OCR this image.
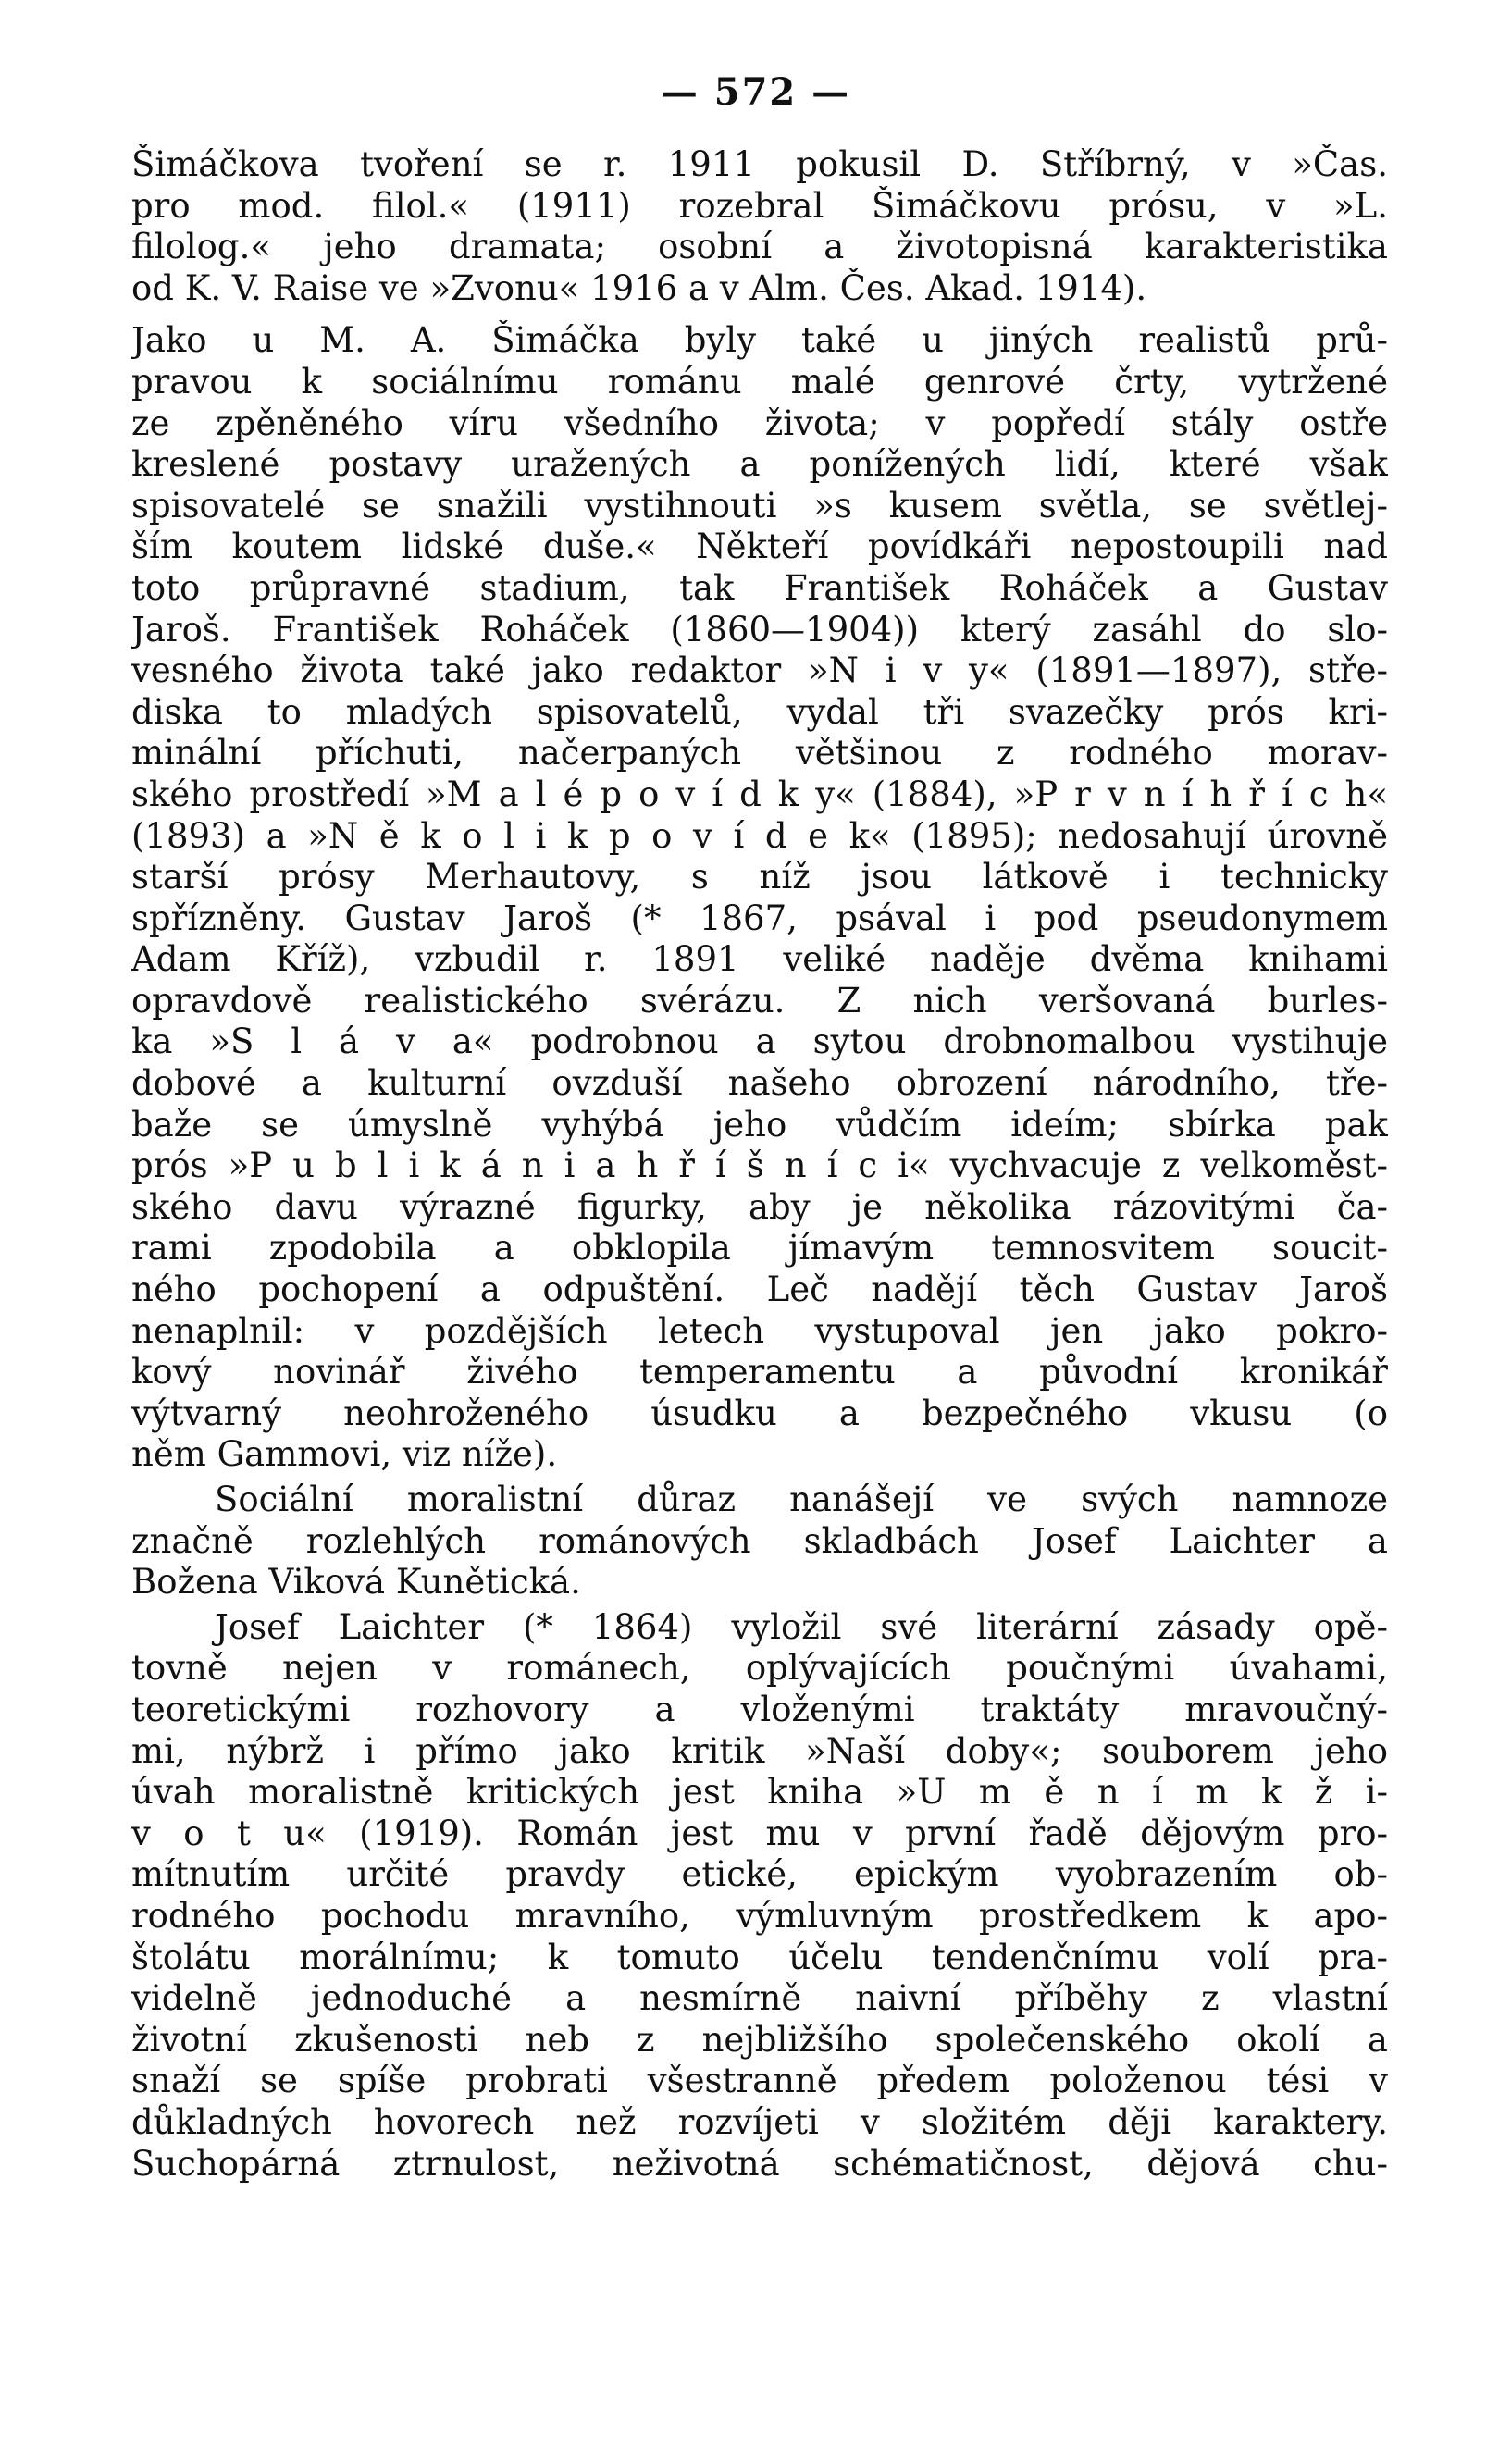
— 572 —
Šimáčkova tvoření se r. 1911 pokusil D. Stříbrný, v »Čas.
pro mod. filol.« (1911) rozebral Šimáčkovu prósu, v »L.
filolog.« jeho dramata; osobní a životopisná karakteristika
od K. V. Raise ve »Zvonu« 1916 a v Alm. Čes. Akad. 1914).
Jako u M. A. Šimáčka byly také u jiných realistů prů-
pravou k sociálnímu románu malé genrové črty, vytržené
ze zpěněného víru všedního života; v popředí stály ostře
kreslené postavy uražených a ponížených lidí, které však
spisovatelé se snažili vystihnouti »s kusem světla, se světlej-
ším koutem lidské duše.« Někteří povídkáři nepostoupili nad
toto průpravné stadium, tak František Roháček a Gustav
Jaroš. František Roháček (1860—1904)) který zasáhl do slo-
vesného života také jako redaktor »N i v y« (1891—1897), stře-
diska to mladých spisovatelů, vydal tři svazečky prós kri-
minální příchuti, načerpaných většinou z rodného morav-
ského prostředí »M a l é p o v í d k y« (1884), »P r v n í h ř í c h«
(1893) a »N ě k o l i k p o v í d e k« (1895); nedosahují úrovně
starší prósy Merhautovy, s níž jsou látkově i technicky
spřízněny. Gustav Jaroš (* 1867, psával i pod pseudonymem
Adam Kříž), vzbudil r. 1891 veliké naděje dvěma knihami
opravdově realistického svérázu. Z nich veršovaná burles-
ka »S l á v a« podrobnou a sytou drobnomalbou vystihuje
dobové a kulturní ovzduší našeho obrození národního, tře-
baže se úmyslně vyhýbá jeho vůdčím ideím; sbírka pak
prós »P u b l i k á n i a h ř í š n í c i« vychvacuje z velkoměst-
ského davu výrazné figurky, aby je několika rázovitými ča-
rami zpodobila a obklopila jímavým temnosvitem soucit-
ného pochopení a odpuštění. Leč nadějí těch Gustav Jaroš
nenaplnil: v pozdějších letech vystupoval jen jako pokro-
kový novinář živého temperamentu a původní kronikář
výtvarný neohroženého úsudku a bezpečného vkusu (o
něm Gammovi, viz níže).
Sociální moralistní důraz nanášejí ve svých namnoze
značně rozlehlých románových skladbách Josef Laichter a
Božena Viková Kunětická.
Josef Laichter (* 1864) vyložil své literární zásady opě-
tovně nejen v románech, oplývajících poučnými úvahami,
teoretickými rozhovory a vloženými traktáty mravoučný-
mi, nýbrž i přímo jako kritik »Naší doby«; souborem jeho
úvah moralistně kritických jest kniha »U m ě n í m k ž i-
v o t u« (1919). Román jest mu v první řadě dějovým pro-
mítnutím určité pravdy etické, epickým vyobrazením ob-
rodného pochodu mravního, výmluvným prostředkem k apo-
štolátu morálnímu; k tomuto účelu tendenčnímu volí pra-
videlně jednoduché a nesmírně naivní příběhy z vlastní
životní zkušenosti neb z nejbližšího společenského okolí a
snaží se spíše probrati všestranně předem položenou tési v
důkladných hovorech než rozvíjeti v složitém ději karaktery.
Suchopárná ztrnulost, neživotná schématičnost, dějová chu-
